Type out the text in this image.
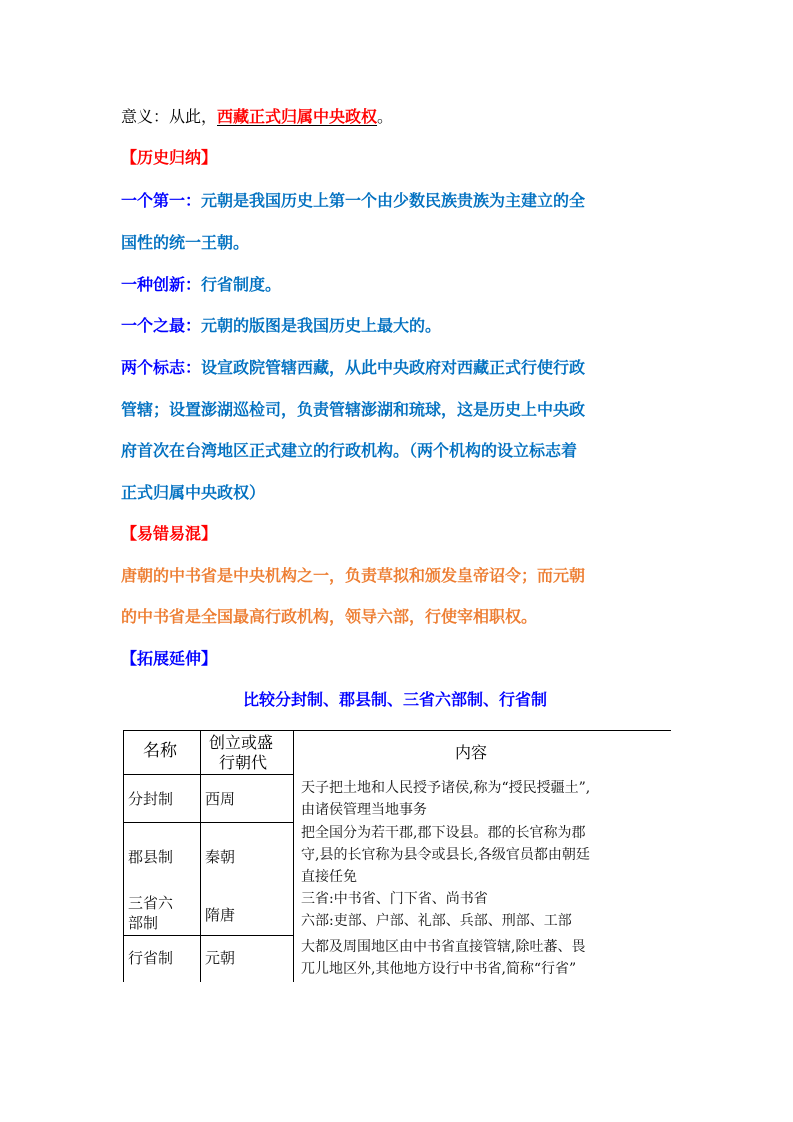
意义：从此，西藏正式归属中央政权。
【历史归纳】
一个第一：元朝是我国历史上第一个由少数民族贵族为主建立的全
国性的统一王朝。
一种创新：行省制度。
一个之最：元朝的版图是我国历史上最大的。
两个标志：设宣政院管辖西藏，从此中央政府对西藏正式行使行政
管辖；设置澎湖巡检司，负责管辖澎湖和琉球，这是历史上中央政
府首次在台湾地区正式建立的行政机构。（两个机构的设立标志着
正式归属中央政权）
【易错易混】
唐朝的中书省是中央机构之一，负责草拟和颁发皇帝诏令；而元朝
的中书省是全国最高行政机构，领导六部，行使宰相职权。
【拓展延伸】
比较分封制、郡县制、三省六部制、行省制
名称 创立或盛
行朝代
内容
分封制 西周
天子把土地和人民授予诸侯,称为“授民授疆土”,
由诸侯管理当地事务
郡县制 秦朝
把全国分为若干郡,郡下设县。郡的长官称为郡
守,县的长官称为县令或县长,各级官员都由朝廷
直接任免
三省六
部制	隋唐
三省:中书省、门下省、尚书省
六部:吏部、户部、礼部、兵部、刑部、工部
行省制 元朝
大都及周围地区由中书省直接管辖,除吐蕃、畏
兀儿地区外,其他地方设行中书省,简称“行省”
